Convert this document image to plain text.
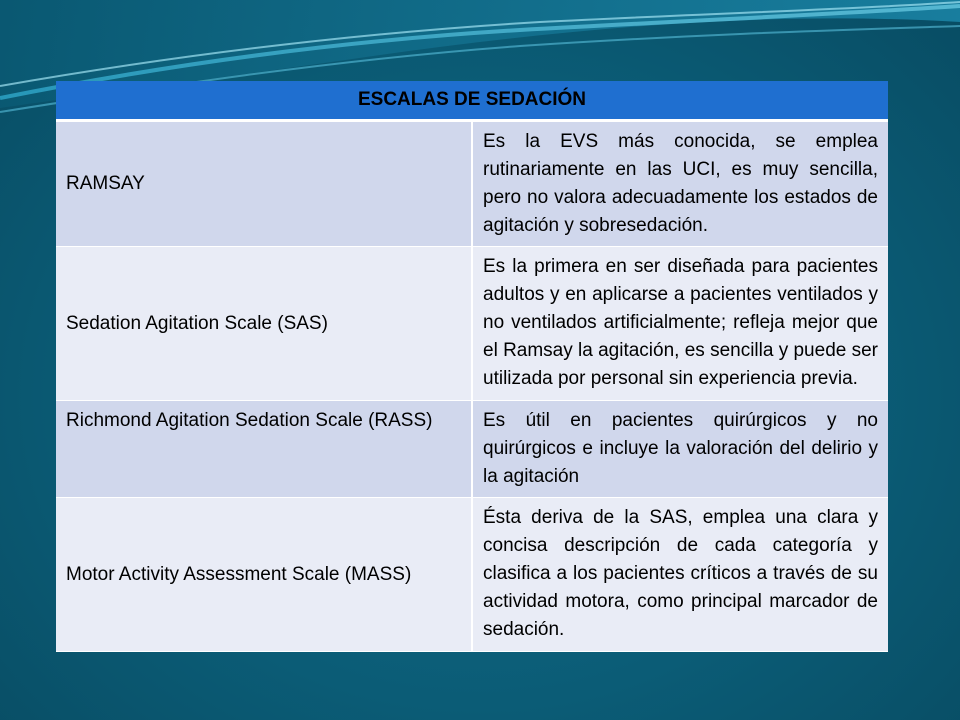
ESCALAS DE SEDACIÓN	
RAMSAY	Es la EVS más conocida, se emplea rutinariamente en las UCI, es muy sencilla, pero no valora adecuadamente los estados de agitación y sobresedación.
Sedation Agitation Scale (SAS)	Es la primera en ser diseñada para pacientes adultos y en aplicarse a pacientes ventilados y no ventilados artificialmente; refleja mejor que el Ramsay la agitación, es sencilla y puede ser utilizada por personal sin experiencia previa.
Richmond Agitation Sedation Scale (RASS)	Es útil en pacientes quirúrgicos y no quirúrgicos e incluye la valoración del delirio y la agitación
Motor Activity Assessment Scale (MASS)	Ésta deriva de la SAS, emplea una clara y concisa descripción de cada categoría y clasifica a los pacientes críticos a través de su actividad motora, como principal marcador de sedación.
